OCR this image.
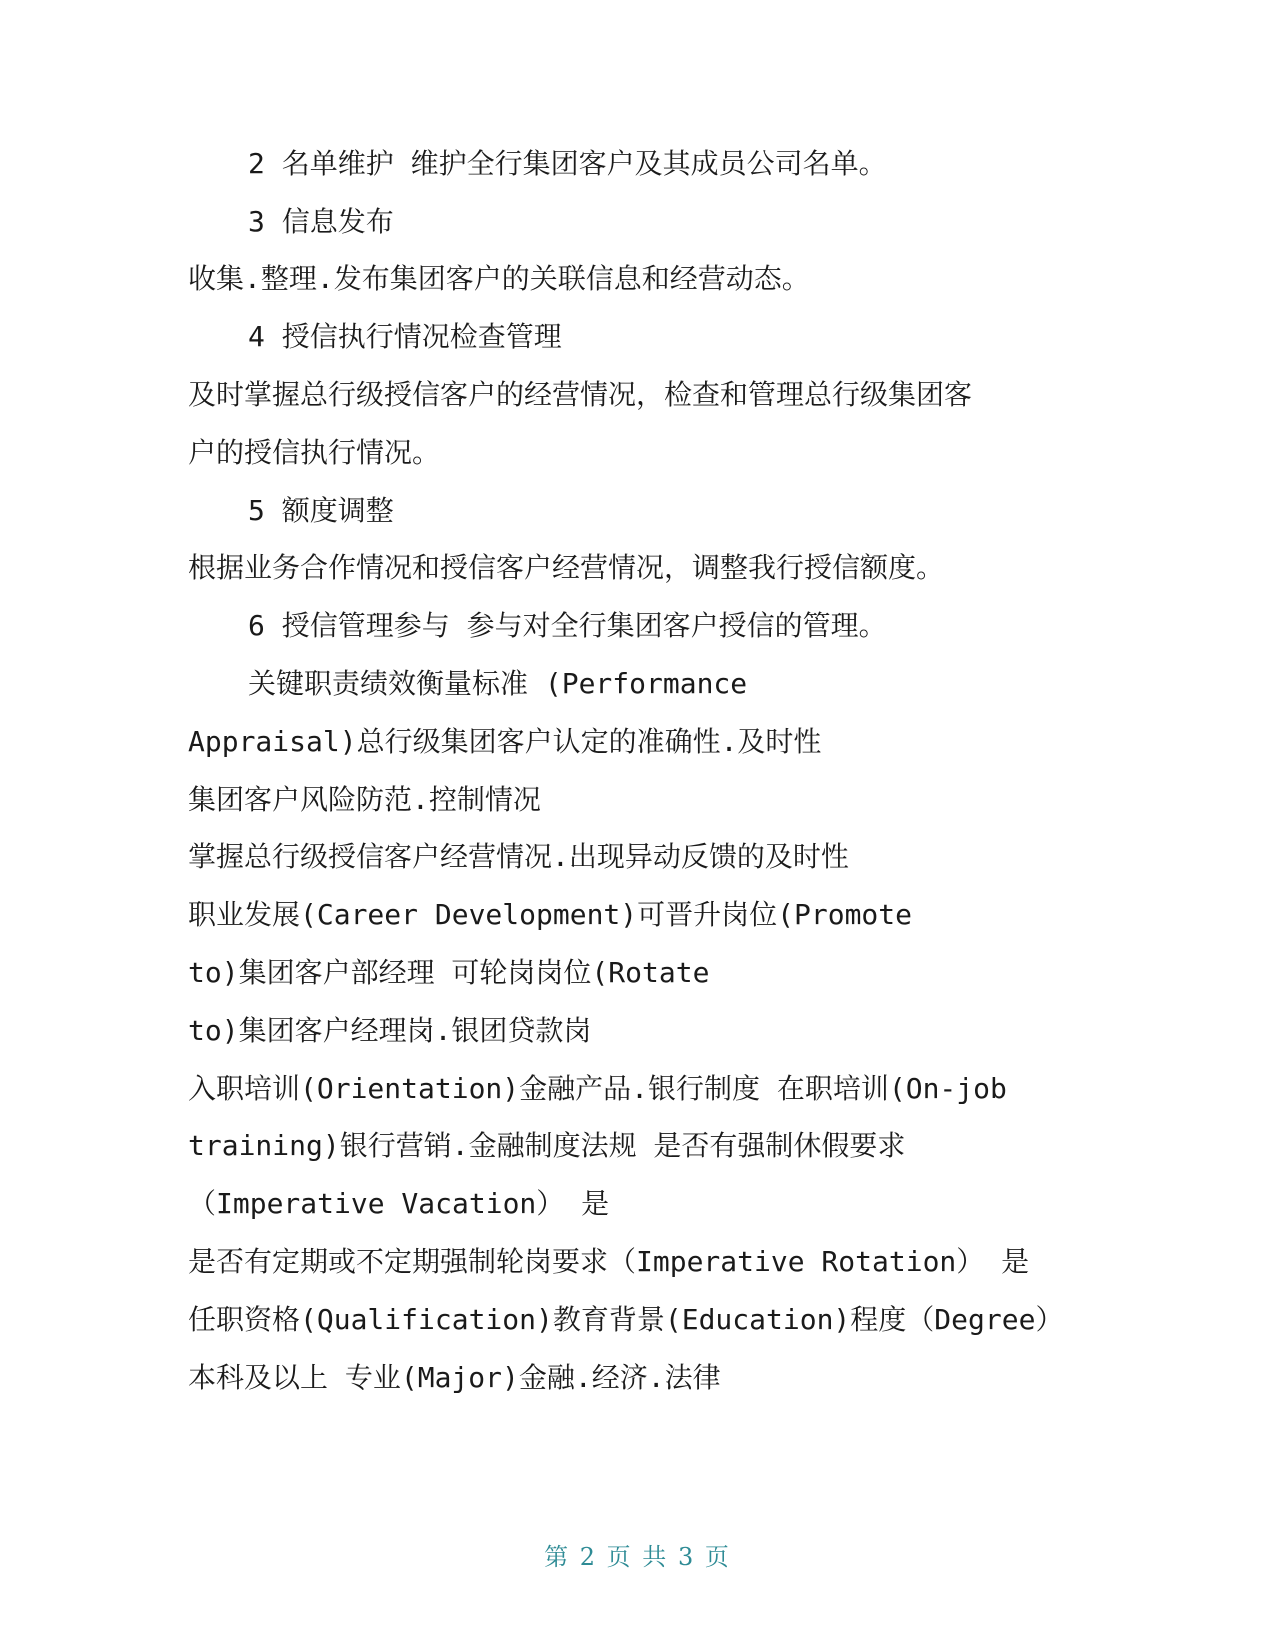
2 名单维护 维护全行集团客户及其成员公司名单。
3 信息发布
收集.整理.发布集团客户的关联信息和经营动态。
4 授信执行情况检查管理
及时掌握总行级授信客户的经营情况，检查和管理总行级集团客
户的授信执行情况。
5 额度调整
根据业务合作情况和授信客户经营情况，调整我行授信额度。
6 授信管理参与 参与对全行集团客户授信的管理。
关键职责绩效衡量标准 (Performance
Appraisal)总行级集团客户认定的准确性.及时性
集团客户风险防范.控制情况
掌握总行级授信客户经营情况.出现异动反馈的及时性
职业发展(Career Development)可晋升岗位(Promote
to)集团客户部经理 可轮岗岗位(Rotate
to)集团客户经理岗.银团贷款岗
入职培训(Orientation)金融产品.银行制度 在职培训(On-job
training)银行营销.金融制度法规 是否有强制休假要求
（Imperative Vacation） 是
是否有定期或不定期强制轮岗要求（Imperative Rotation） 是
任职资格(Qualification)教育背景(Education)程度（Degree）
本科及以上 专业(Major)金融.经济.法律
第 2 页 共 3 页
